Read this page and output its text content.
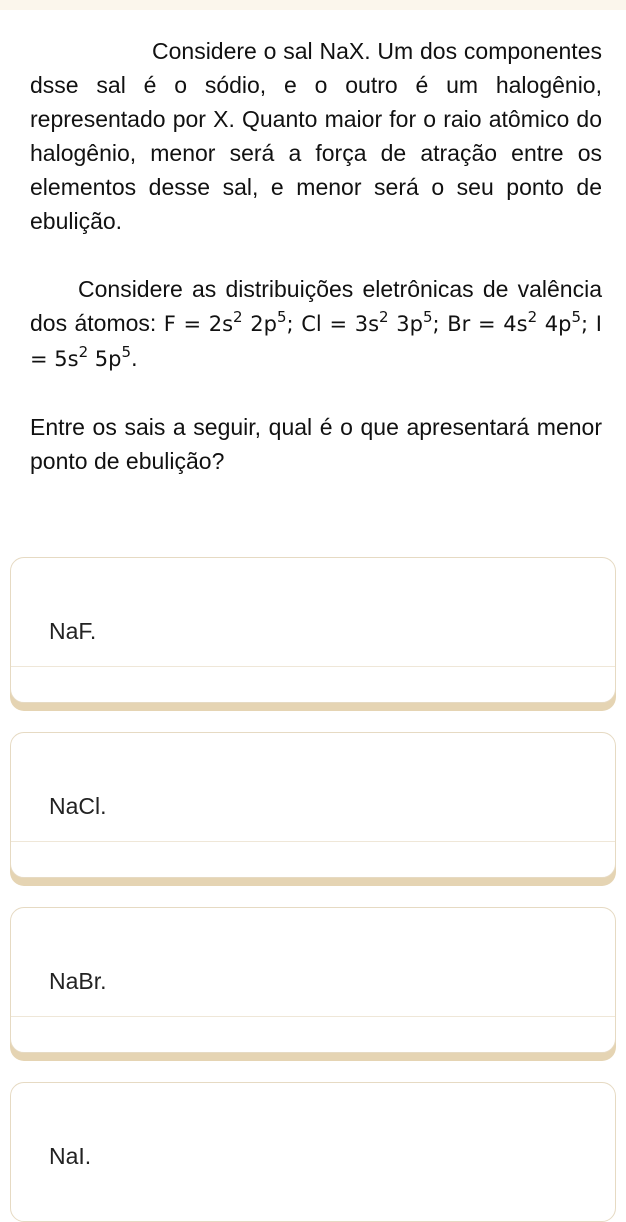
Considere o sal NaX. Um dos componentes dsse sal é o sódio, e o outro é um halogênio, representado por X. Quanto maior for o raio atômico do halogênio, menor será a força de atração entre os elementos desse sal, e menor será o seu ponto de ebulição.

Considere as distribuições eletrônicas de valência dos átomos: $F = 2s^2$ $2p^5$; $Cl = 3s^2$ $3p^5$; $Br = 4s^2$ $4p^5$; $I = 5s^2$ $5p^5$.

Entre os sais a seguir, qual é o que apresentará menor ponto de ebulição?

NaF.
NaCl.
NaBr.
NaI.
